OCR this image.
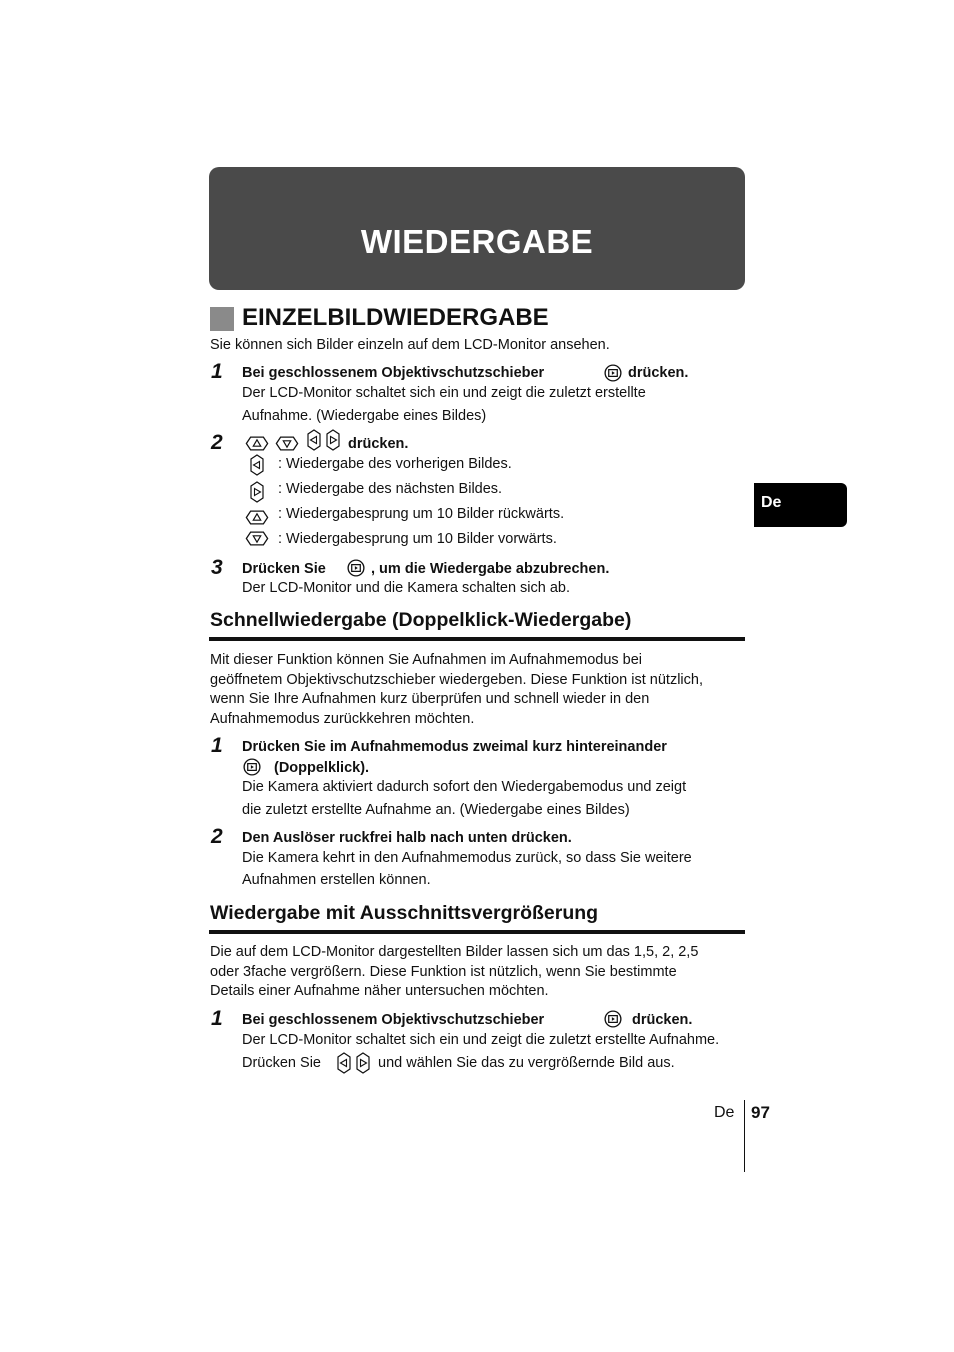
WIEDERGABE
EINZELBILDWIEDERGABE
Sie können sich Bilder einzeln auf dem LCD-Monitor ansehen.
1 Bei geschlossenem Objektivschutzschieber	drücken.
Der LCD-Monitor schaltet sich ein und zeigt die zuletzt erstellte
Aufnahme. (Wiedergabe eines Bildes)
2	drücken.
: Wiedergabe des vorherigen Bildes.
: Wiedergabe des nächsten Bildes.
: Wiedergabesprung um 10 Bilder rückwärts.
: Wiedergabesprung um 10 Bilder vorwärts.
3 Drücken Sie	, um die Wiedergabe abzubrechen.
Der LCD-Monitor und die Kamera schalten sich ab.
Schnellwiedergabe (Doppelklick-Wiedergabe)
Mit dieser Funktion können Sie Aufnahmen im Aufnahmemodus bei
geöffnetem Objektivschutzschieber wiedergeben. Diese Funktion ist nützlich,
wenn Sie Ihre Aufnahmen kurz überprüfen und schnell wieder in den
Aufnahmemodus zurückkehren möchten.
1 Drücken Sie im Aufnahmemodus zweimal kurz hintereinander
(Doppelklick).
Die Kamera aktiviert dadurch sofort den Wiedergabemodus und zeigt
die zuletzt erstellte Aufnahme an. (Wiedergabe eines Bildes)
2 Den Auslöser ruckfrei halb nach unten drücken.
Die Kamera kehrt in den Aufnahmemodus zurück, so dass Sie weitere
Aufnahmen erstellen können.
Wiedergabe mit Ausschnittsvergrößerung
Die auf dem LCD-Monitor dargestellten Bilder lassen sich um das 1,5, 2, 2,5
oder 3fache vergrößern. Diese Funktion ist nützlich, wenn Sie bestimmte
Details einer Aufnahme näher untersuchen möchten.
1 Bei geschlossenem Objektivschutzschieber	drücken.
Der LCD-Monitor schaltet sich ein und zeigt die zuletzt erstellte Aufnahme.
Drücken Sie	und wählen Sie das zu vergrößernde Bild aus.
De
De 97
